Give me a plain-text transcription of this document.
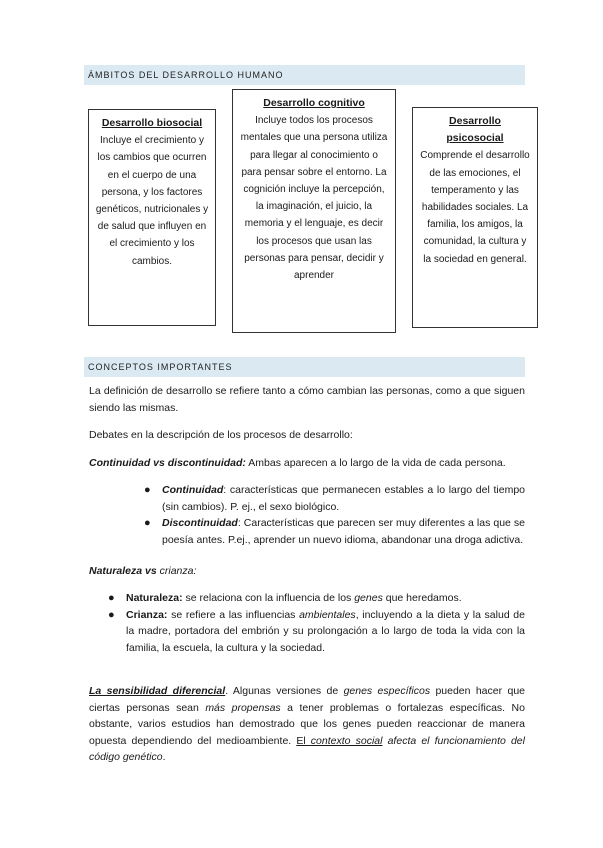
ÁMBITOS DEL DESARROLLO HUMANO
Desarrollo biosocial
Incluye el crecimiento y los cambios que ocurren en el cuerpo de una persona, y los factores genéticos, nutricionales y de salud que influyen en el crecimiento y los cambios.
Desarrollo cognitivo
Incluye todos los procesos mentales que una persona utiliza para llegar al conocimiento o para pensar sobre el entorno. La cognición incluye la percepción, la imaginación, el juicio, la memoria y el lenguaje, es decir los procesos que usan las personas para pensar, decidir y aprender
Desarrollo psicosocial
Comprende el desarrollo de las emociones, el temperamento y las habilidades sociales. La familia, los amigos, la comunidad, la cultura y la sociedad en general.
CONCEPTOS IMPORTANTES

La definición de desarrollo se refiere tanto a cómo cambian las personas, como a que siguen siendo las mismas.

Debates en la descripción de los procesos de desarrollo:

Continuidad vs discontinuidad: Ambas aparecen a lo largo de la vida de cada persona.

● Continuidad: características que permanecen estables a lo largo del tiempo (sin cambios). P. ej., el sexo biológico.
● Discontinuidad: Características que parecen ser muy diferentes a las que se poesía antes. P.ej., aprender un nuevo idioma, abandonar una droga adictiva.

Naturaleza vs crianza:

● Naturaleza: se relaciona con la influencia de los genes que heredamos.
● Crianza: se refiere a las influencias ambientales, incluyendo a la dieta y la salud de la madre, portadora del embrión y su prolongación a lo largo de toda la vida con la familia, la escuela, la cultura y la sociedad.

La sensibilidad diferencial. Algunas versiones de genes específicos pueden hacer que ciertas personas sean más propensas a tener problemas o fortalezas específicas. No obstante, varios estudios han demostrado que los genes pueden reaccionar de manera opuesta dependiendo del medioambiente. El contexto social afecta el funcionamiento del código genético.
